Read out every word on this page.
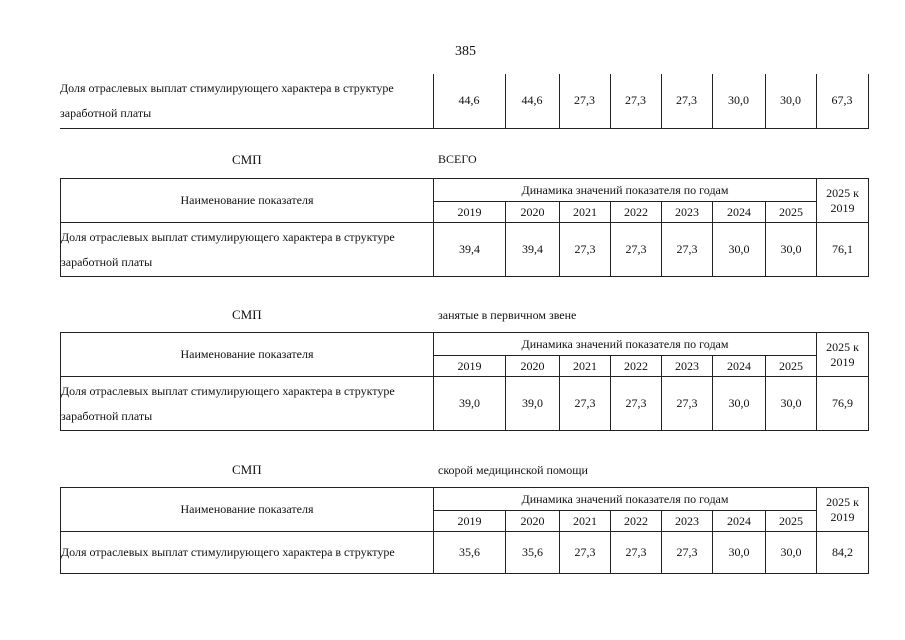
385
Доля отраслевых выплат стимулирующего характера в структуре
заработной платы
	44,6	44,6	27,3	27,3	27,3	30,0	30,0	67,3
СМП	ВСЕГО
Наименование показателя	Динамика значений показателя по годам							2025 к
2019

	2019	2020	2021	2022	2023	2024	2025	

Доля отраслевых выплат стимулирующего характера в структуре
заработной платы	39,4	39,4	27,3	27,3	27,3	30,0	30,0	76,1
СМП	занятые в первичном звене
Наименование показателя	Динамика значений показателя по годам							2025 к
2019

	2019	2020	2021	2022	2023	2024	2025	

Доля отраслевых выплат стимулирующего характера в структуре
заработной платы	39,0	39,0	27,3	27,3	27,3	30,0	30,0	76,9
СМП	скорой медицинской помощи
Наименование показателя	Динамика значений показателя по годам							2025 к
2019

	2019	2020	2021	2022	2023	2024	2025	

Доля отраслевых выплат стимулирующего характера в структуре	35,6	35,6	27,3	27,3	27,3	30,0	30,0	84,2
